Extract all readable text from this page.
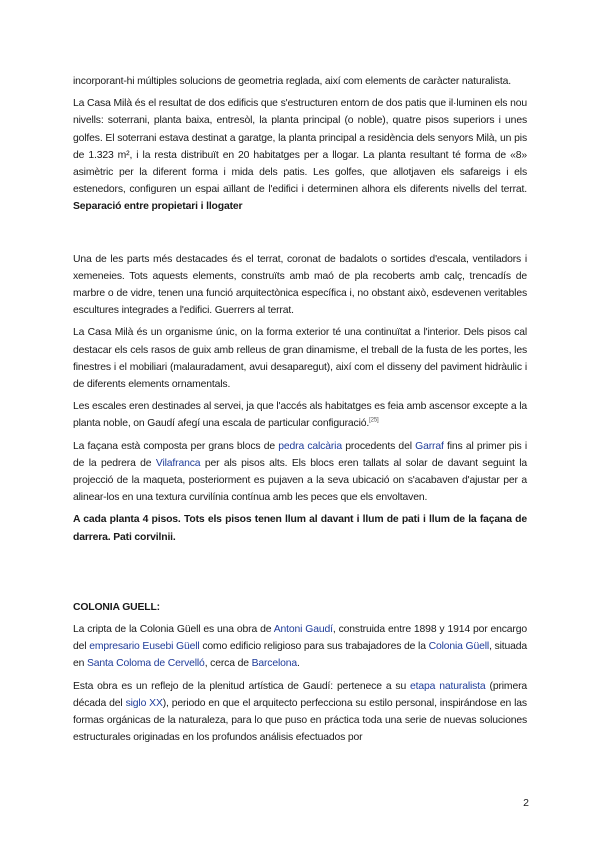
incorporant-hi múltiples solucions de geometria reglada, així com elements de caràcter naturalista.

La Casa Milà és el resultat de dos edificis que s'estructuren entorn de dos patis que il·luminen els nou nivells: soterrani, planta baixa, entresòl, la planta principal (o noble), quatre pisos superiors i unes golfes. El soterrani estava destinat a garatge, la planta principal a residència dels senyors Milà, un pis de 1.323 m², i la resta distribuït en 20 habitatges per a llogar. La planta resultant té forma de «8» asimètric per la diferent forma i mida dels patis. Les golfes, que allotjaven els safareigs i els estenedors, configuren un espai aïllant de l'edifici i determinen alhora els diferents nivells del terrat. Separació entre propietari i llogater

Una de les parts més destacades és el terrat, coronat de badalots o sortides d'escala, ventiladors i xemeneies. Tots aquests elements, construïts amb maó de pla recoberts amb calç, trencadís de marbre o de vidre, tenen una funció arquitectònica específica i, no obstant això, esdevenen veritables escultures integrades a l'edifici. Guerrers al terrat.

La Casa Milà és un organisme únic, on la forma exterior té una continuïtat a l'interior. Dels pisos cal destacar els cels rasos de guix amb relleus de gran dinamisme, el treball de la fusta de les portes, les finestres i el mobiliari (malauradament, avui desaparegut), així com el disseny del paviment hidràulic i de diferents elements ornamentals.

Les escales eren destinades al servei, ja que l'accés als habitatges es feia amb ascensor excepte a la planta noble, on Gaudí afegí una escala de particular configuració.[25]

La façana està composta per grans blocs de pedra calcària procedents del Garraf fins al primer pis i de la pedrera de Vilafranca per als pisos alts. Els blocs eren tallats al solar de davant seguint la projecció de la maqueta, posteriorment es pujaven a la seva ubicació on s'acabaven d'ajustar per a alinear-los en una textura curvilínia contínua amb les peces que els envoltaven.

A cada planta 4 pisos. Tots els pisos tenen llum al davant i llum de pati i llum de la façana de darrera. Pati corvilnii.

COLONIA GUELL:

La cripta de la Colonia Güell es una obra de Antoni Gaudí, construida entre 1898 y 1914 por encargo del empresario Eusebi Güell como edificio religioso para sus trabajadores de la Colonia Güell, situada en Santa Coloma de Cervelló, cerca de Barcelona.

Esta obra es un reflejo de la plenitud artística de Gaudí: pertenece a su etapa naturalista (primera década del siglo XX), periodo en que el arquitecto perfecciona su estilo personal, inspirándose en las formas orgánicas de la naturaleza, para lo que puso en práctica toda una serie de nuevas soluciones estructurales originadas en los profundos análisis efectuados por

2
